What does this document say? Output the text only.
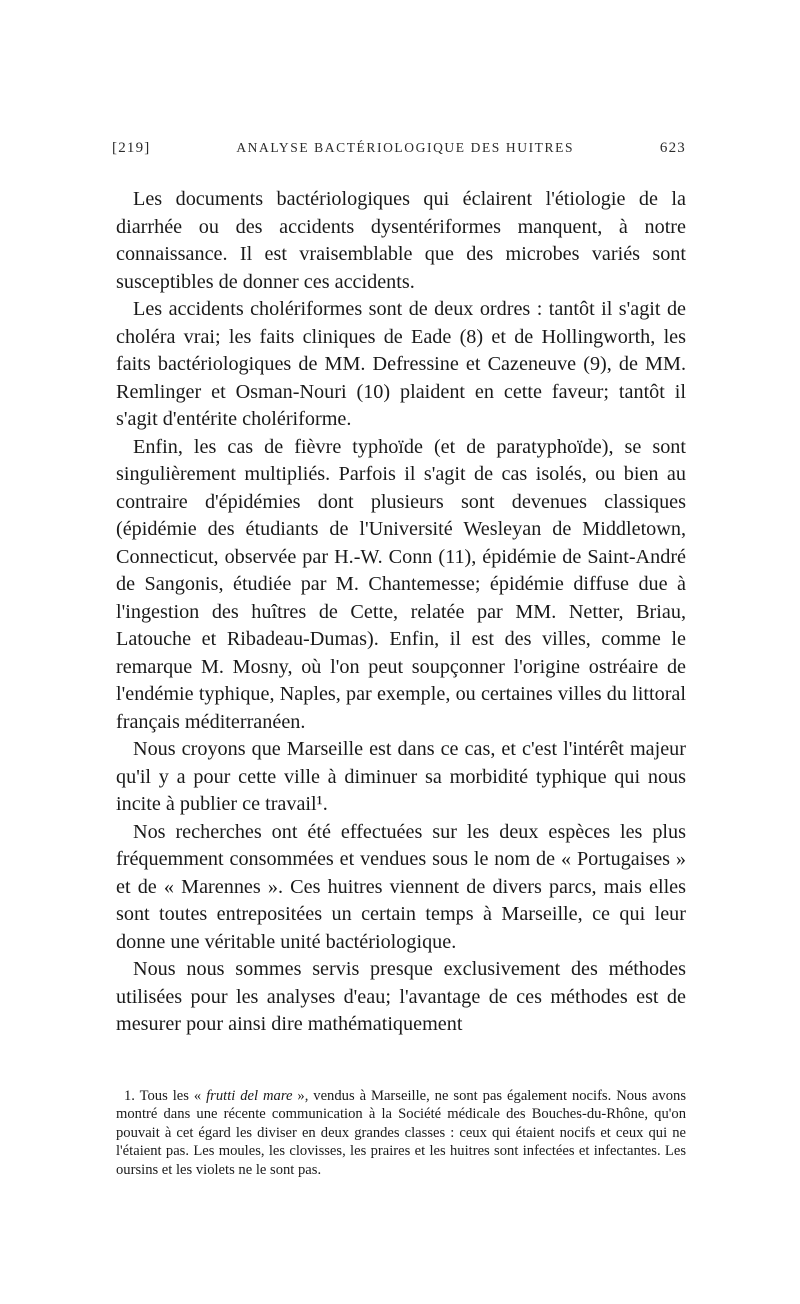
[219]	ANALYSE BACTÉRIOLOGIQUE DES HUITRES	623

Les documents bactériologiques qui éclairent l'étiologie de la diarrhée ou des accidents dysentériformes manquent, à notre connaissance. Il est vraisemblable que des microbes variés sont susceptibles de donner ces accidents.

Les accidents cholériformes sont de deux ordres : tantôt il s'agit de choléra vrai; les faits cliniques de Eade (8) et de Hollingworth, les faits bactériologiques de MM. Defressine et Cazeneuve (9), de MM. Remlinger et Osman-Nouri (10) plaident en cette faveur; tantôt il s'agit d'entérite cholériforme.

Enfin, les cas de fièvre typhoïde (et de paratyphoïde), se sont singulièrement multipliés. Parfois il s'agit de cas isolés, ou bien au contraire d'épidémies dont plusieurs sont devenues classiques (épidémie des étudiants de l'Université Wesleyan de Middletown, Connecticut, observée par H.-W. Conn (11), épidémie de Saint-André de Sangonis, étudiée par M. Chantemesse; épidémie diffuse due à l'ingestion des huîtres de Cette, relatée par MM. Netter, Briau, Latouche et Ribadeau-Dumas). Enfin, il est des villes, comme le remarque M. Mosny, où l'on peut soupçonner l'origine ostréaire de l'endémie typhique, Naples, par exemple, ou certaines villes du littoral français méditerranéen.

Nous croyons que Marseille est dans ce cas, et c'est l'intérêt majeur qu'il y a pour cette ville à diminuer sa morbidité typhique qui nous incite à publier ce travail¹.

Nos recherches ont été effectuées sur les deux espèces les plus fréquemment consommées et vendues sous le nom de « Portugaises » et de « Marennes ». Ces huitres viennent de divers parcs, mais elles sont toutes entrepositées un certain temps à Marseille, ce qui leur donne une véritable unité bactériologique.

Nous nous sommes servis presque exclusivement des méthodes utilisées pour les analyses d'eau; l'avantage de ces méthodes est de mesurer pour ainsi dire mathématiquement

1. Tous les « frutti del mare », vendus à Marseille, ne sont pas également nocifs. Nous avons montré dans une récente communication à la Société médicale des Bouches-du-Rhône, qu'on pouvait à cet égard les diviser en deux grandes classes : ceux qui étaient nocifs et ceux qui ne l'étaient pas. Les moules, les clovisses, les praires et les huitres sont infectées et infectantes. Les oursins et les violets ne le sont pas.
